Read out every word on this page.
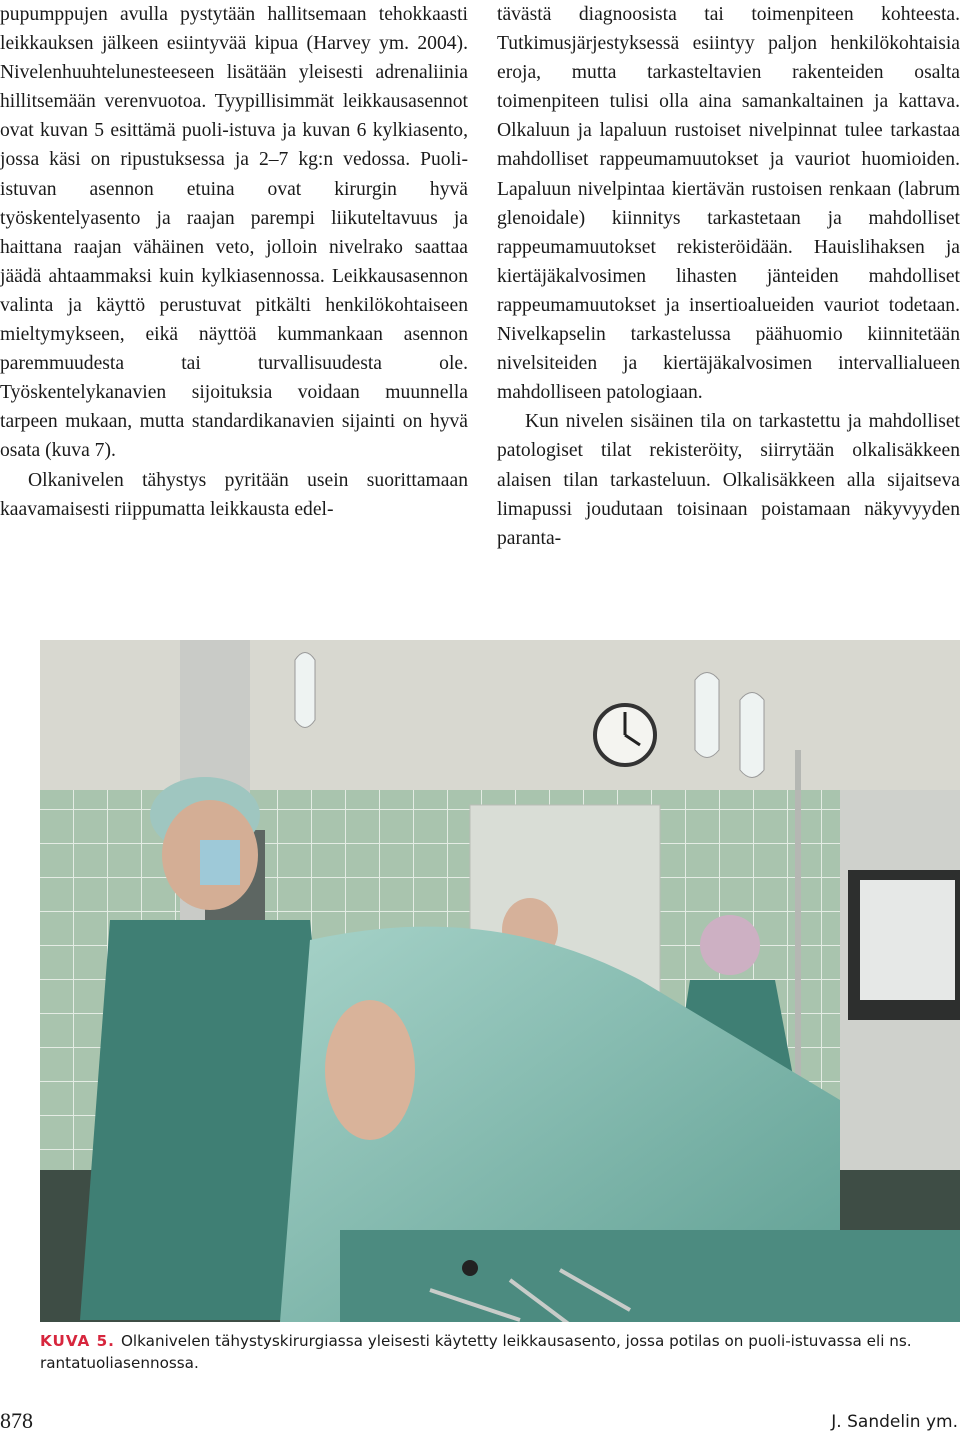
pupumppujen avulla pystytään hallitsemaan tehokkaasti leikkauksen jälkeen esiintyvää kipua (Harvey ym. 2004). Nivelenhuuhtelunesteeseen lisätään yleisesti adrenaliinia hillitsemään verenvuotoa. Tyypillisimmät leikkausasennot ovat kuvan 5 esittämä puoli-istuva ja kuvan 6 kylkiasento, jossa käsi on ripustuksessa ja 2–7 kg:n vedossa. Puoli-istuvan asennon etuina ovat kirurgin hyvä työskentelyasento ja raajan parempi liikuteltavuus ja haittana raajan vähäinen veto, jolloin nivelrako saattaa jäädä ahtaammaksi kuin kylkiasennossa. Leikkausasennon valinta ja käyttö perustuvat pitkälti henkilökohtaiseen mieltymykseen, eikä näyttöä kummankaan asennon paremmuudesta tai turvallisuudesta ole. Työskentelykanavien sijoituksia voidaan muunnella tarpeen mukaan, mutta standardikanavien sijainti on hyvä osata (kuva 7).

Olkanivelen tähystys pyritään usein suorittamaan kaavamaisesti riippumatta leikkausta edel-

tävästä diagnoosista tai toimenpiteen kohteesta. Tutkimusjärjestyksessä esiintyy paljon henkilökohtaisia eroja, mutta tarkasteltavien rakenteiden osalta toimenpiteen tulisi olla aina samankaltainen ja kattava. Olkaluun ja lapaluun rustoiset nivelpinnat tulee tarkastaa mahdolliset rappeumamuutokset ja vauriot huomioiden. Lapaluun nivelpintaa kiertävän rustoisen renkaan (labrum glenoidale) kiinnitys tarkastetaan ja mahdolliset rappeumamuutokset rekisteröidään. Hauislihaksen ja kiertäjäkalvosimen lihasten jänteiden mahdolliset rappeumamuutokset ja insertioalueiden vauriot todetaan. Nivelkapselin tarkastelussa päähuomio kiinnitetään nivelsiteiden ja kiertäjäkalvosimen intervallialueen mahdolliseen patologiaan.

Kun nivelen sisäinen tila on tarkastettu ja mahdolliset patologiset tilat rekisteröity, siirrytään olkalisäkkeen alaisen tilan tarkasteluun. Olkalisäkkeen alla sijaitseva limapussi joudutaan toisinaan poistamaan näkyvyyden paranta-

KUVA 5. Olkanivelen tähystyskirurgiassa yleisesti käytetty leikkausasento, jossa potilas on puoli-istuvassa eli ns. rantatuoliasennossa.
878	J. Sandelin ym.
